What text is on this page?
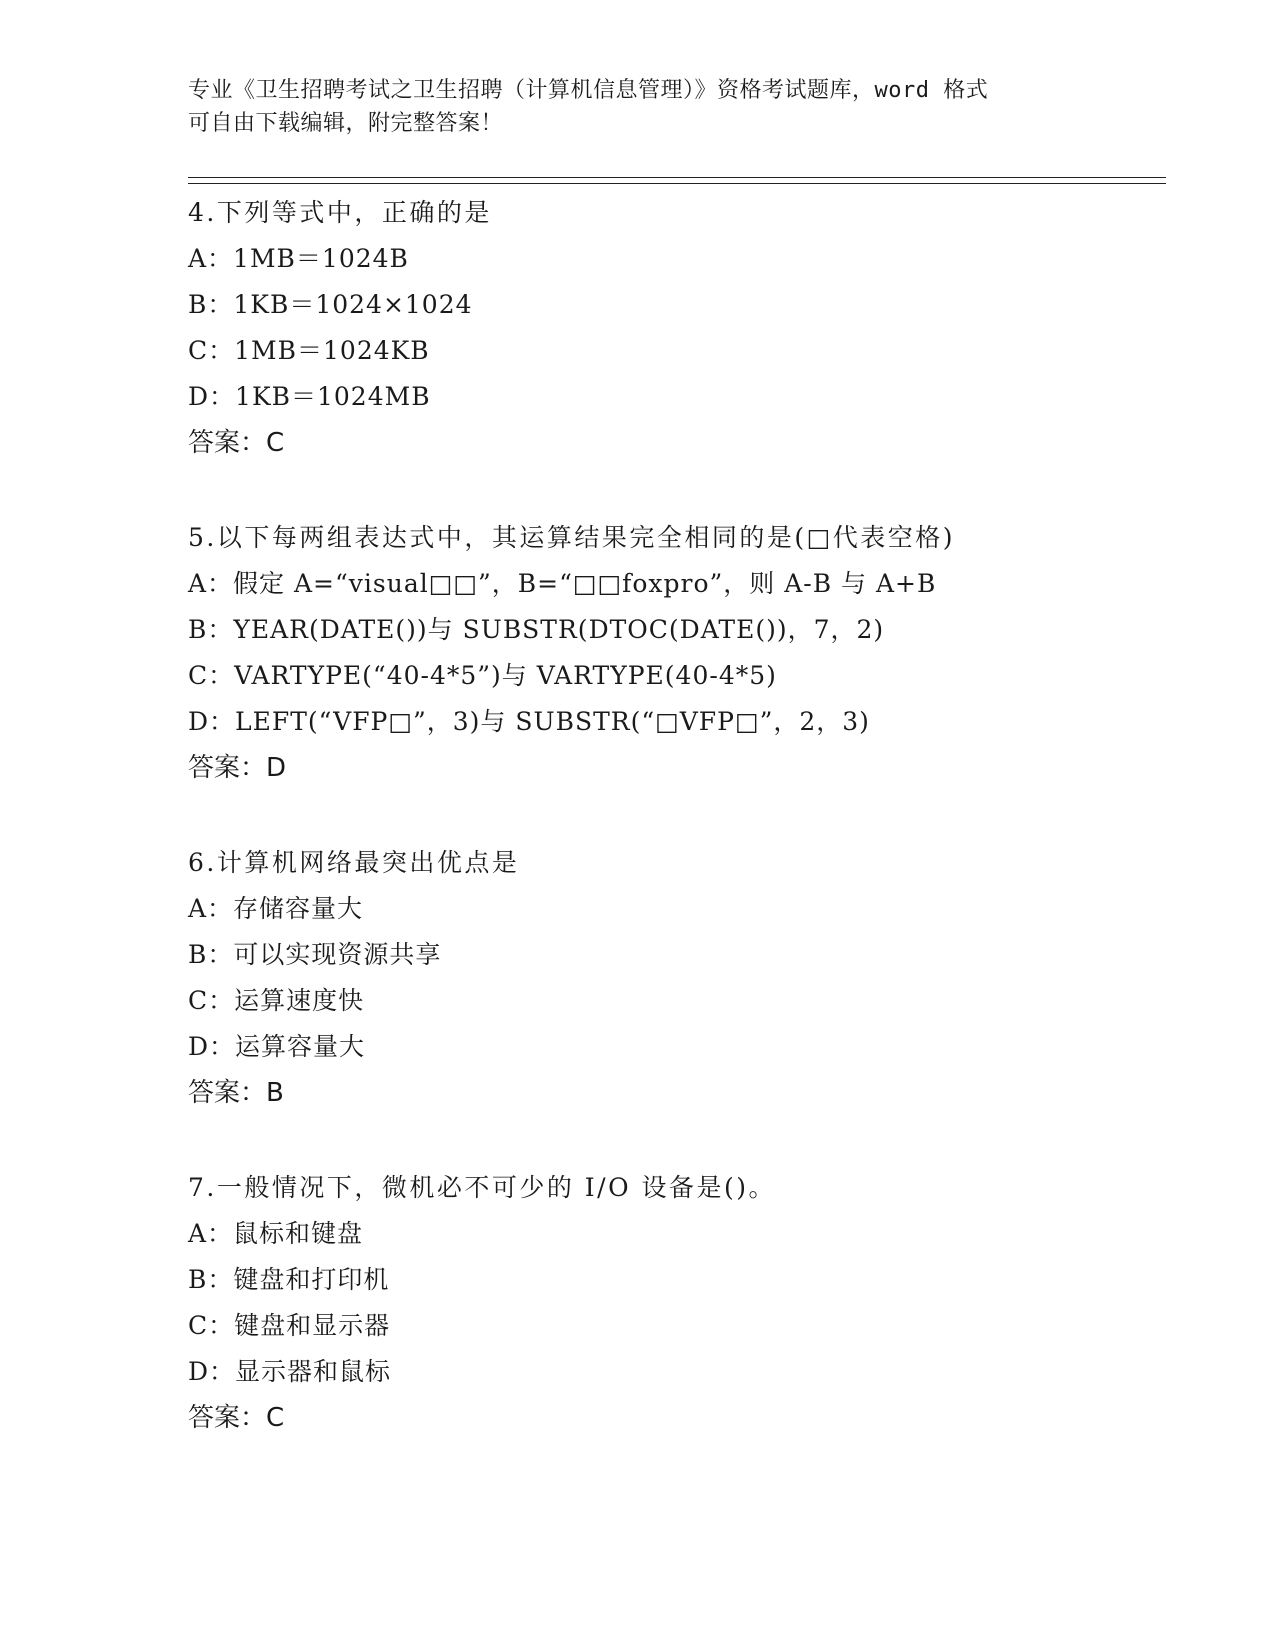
专业《卫生招聘考试之卫生招聘（计算机信息管理）》资格考试题库，word 格式
可自由下载编辑，附完整答案！
4.下列等式中，正确的是
A：1MB＝1024B
B：1KB＝1024×1024
C：1MB＝1024KB
D：1KB＝1024MB
答案：C
5.以下每两组表达式中，其运算结果完全相同的是(□代表空格)
A：假定 A=“visual□□”，B=“□□foxpro”，则 A-B 与 A+B
B：YEAR(DATE())与 SUBSTR(DTOC(DATE())，7，2)
C：VARTYPE(“40-4*5”)与 VARTYPE(40-4*5)
D：LEFT(“VFP□”，3)与 SUBSTR(“□VFP□”，2，3)
答案：D
6.计算机网络最突出优点是
A：存储容量大
B：可以实现资源共享
C：运算速度快
D：运算容量大
答案：B
7.一般情况下，微机必不可少的 I/O 设备是()。
A：鼠标和键盘
B：键盘和打印机
C：键盘和显示器
D：显示器和鼠标
答案：C
